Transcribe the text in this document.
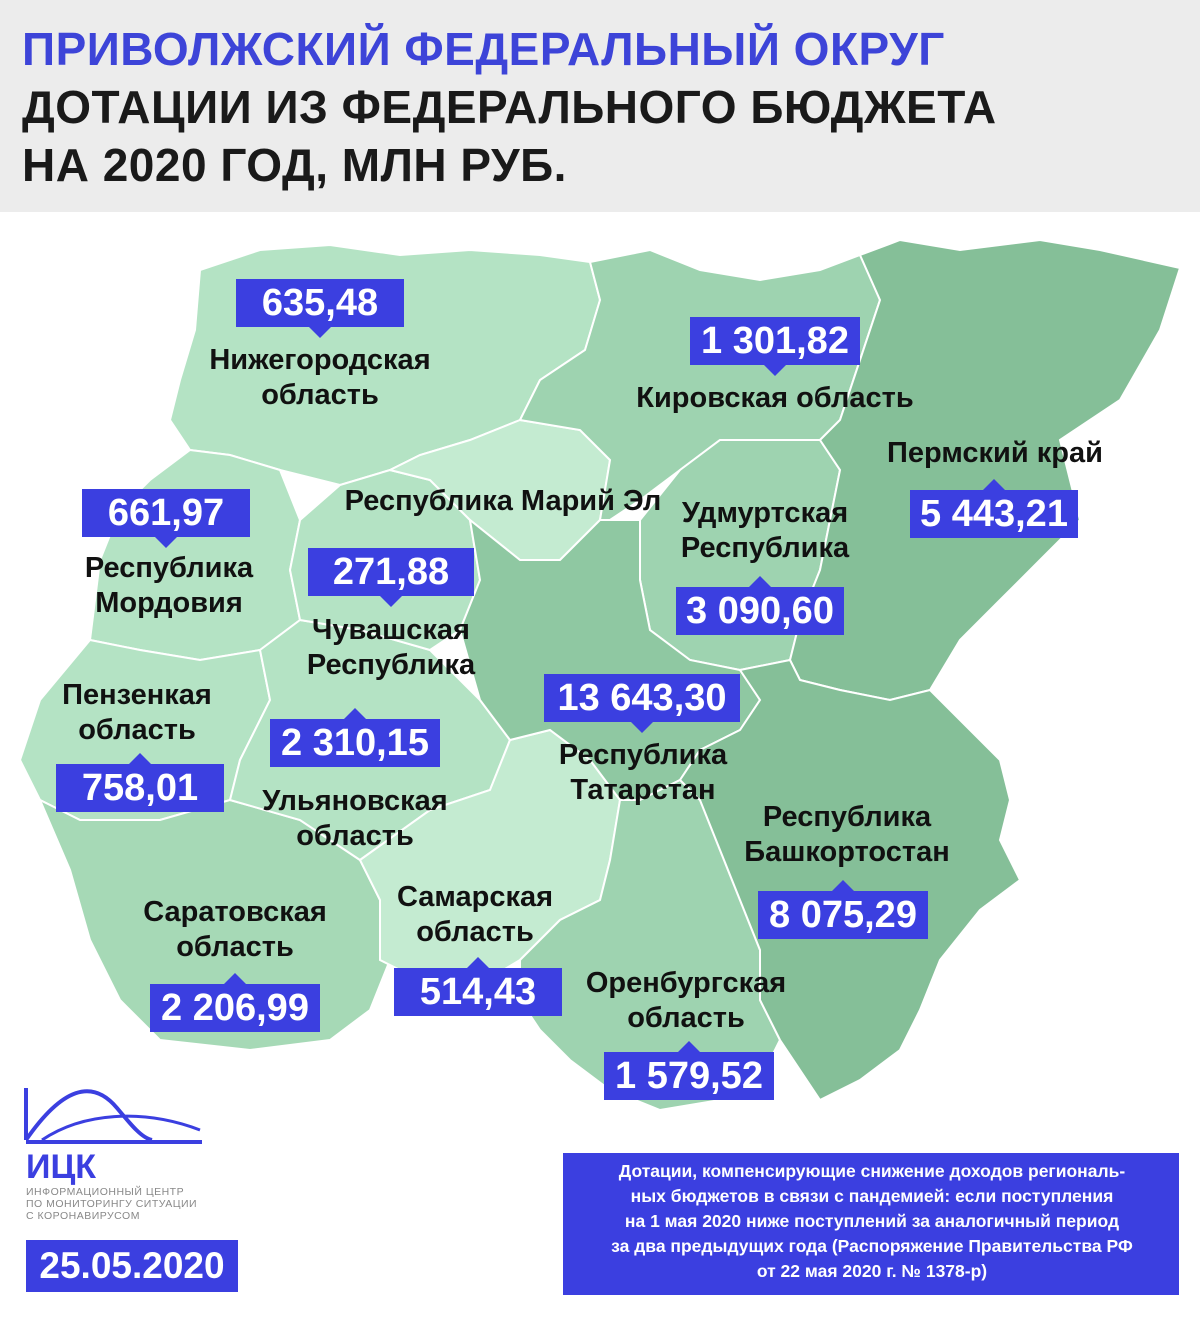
ПРИВОЛЖСКИЙ ФЕДЕРАЛЬНЫЙ ОКРУГ
ДОТАЦИИ ИЗ ФЕДЕРАЛЬНОГО БЮДЖЕТА
НА 2020 ГОД, МЛН РУБ.
635,48
Нижегородская
область
1 301,82
Кировская область
Пермский край
5 443,21
Республика Марий Эл
271,88
Удмуртская
Республика
3 090,60
661,97
Республика
Мордовия
Чувашская
Республика
2 310,15
Пензенкая
область
758,01
13 643,30
Республика
Татарстан
Ульяновская
область
Республика
Башкортостан
8 075,29
Саратовская
область
2 206,99
Самарская
область
514,43	Оренбургская
область
1 579,52
ИЦК
ИНФОРМАЦИОННЫЙ ЦЕНТР
ПО МОНИТОРИНГУ СИТУАЦИИ
С КОРОНАВИРУСОМ
25.05.2020
Дотации, компенсирующие снижение доходов региональ-
ных бюджетов в связи с пандемией: если поступления
на 1 мая 2020 ниже поступлений за аналогичный период
за два предыдущих года (Распоряжение Правительства РФ
от 22 мая 2020 г. № 1378-р)
